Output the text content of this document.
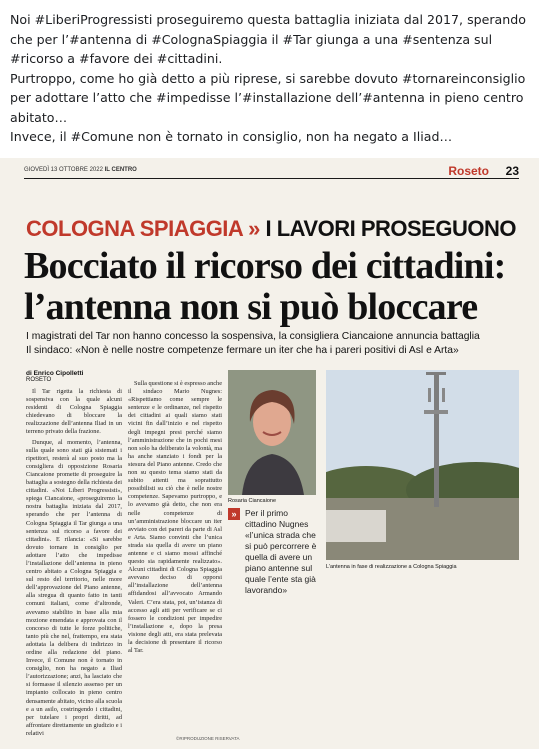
Noi #LiberiProgressisti proseguiremo questa battaglia iniziata dal 2017, sperando che per l’#antenna di #ColognaSpiaggia il #Tar giunga a una #sentenza sul #ricorso a #favore dei #cittadini.

Purtroppo, come ho già detto a più riprese, si sarebbe dovuto #tornareinconsiglio per adottare l’atto che #impedisse l’#installazione dell’#antenna in pieno centro abitato…

Invece, il #Comune non è tornato in consiglio, non ha negato a Iliad…

GIOVEDÌ 13 OTTOBRE 2022 IL CENTRO	Roseto 23
COLOGNA SPIAGGIA » I LAVORI PROSEGUONO
Bocciato il ricorso dei cittadini:
l’antenna non si può bloccare
I magistrati del Tar non hanno concesso la sospensiva, la consigliera Ciancaione annuncia battaglia
Il sindaco: «Non è nelle nostre competenze fermare un iter che ha i pareri positivi di Asl e Arta»
di Enrico Cipolletti
ROSETO

Il Tar rigetta la richiesta di sospensiva con la quale alcuni residenti di Cologna Spiaggia chiedevano di bloccare la realizzazione dell’antenna Iliad in un terreno privato della frazione.

Dunque, al momento, l’antenna, sulla quale sono stati già sistemati i ripetitori, resterà al suo posto ma la consigliera di opposizione Rosaria Ciancaione promette di proseguire la battaglia a sostegno della richiesta dei cittadini. «Noi Liberi Progressisti», spiega Ciancaione, «proseguiremo la nostra battaglia iniziata dal 2017, sperando che per l’antenna di Cologna Spiaggia il Tar giunga a una sentenza sul ricorso a favore dei cittadini». E rilancia: «Si sarebbe dovuto tornare in consiglio per adottare l’atto che impedisse l’installazione dell’antenna in pieno centro abitato a Cologna Spiaggia e sul resto del territorio, nelle more dell’approvazione del Piano antenne, alla stregua di quanto fatto in tanti comuni italiani, come d’altronde, avevamo stabilito in base alla mia mozione emendata e approvata con il concorso di tutte le forze politiche, tanto più che nel, frattempo, era stata adottata la delibera di indirizzo in ordine alla redazione del piano. Invece, il Comune non è tornato in consiglio, non ha negato a Iliad l’autorizzazione; anzi, ha lasciato che si formasse il silenzio assenso per un impianto collocato in pieno centro densamente abitato, vicino alla scuola e a un asilo, costringendo i cittadini, per tutelare i propri diritti, ad affrontare direttamente un giudizio e i relativi

Sulla questione si è espresso anche il sindaco Mario Nugnes: «Rispettiamo come sempre le sentenze e le ordinanze, nel rispetto dei cittadini ai quali siamo stati vicini fin dall’inizio e nel rispetto degli impegni presi perché siamo l’amministrazione che in pochi mesi non solo ha deliberato la volontà, ma ha anche stanziato i fondi per la stesura del Piano antenne. Credo che non su questo tema siamo stati da subito attenti ma soprattutto possibilisti su ciò che è nelle nostre competenze. Sapevamo purtroppo, e lo avevamo già detto, che non era nelle competenze di un’amministrazione bloccare un iter avviato con dei pareri da parte di Asl e Arta. Siamo convinti che l’unica strada sia quella di avere un piano antenne e ci siamo mossi affinché questo sia rapidamente realizzato». Alcuni cittadini di Cologna Spiaggia avevano deciso di opporsi all’installazione dell’antenna affidandosi all’avvocato Armando Valeri. C’era stata, poi, un’istanza di accesso agli atti per verificare se ci fossero le condizioni per impedire l’installazione e, dopo la presa visione degli atti, era stata prelevata la decisione di presentare il ricorso al Tar.

Rosaria Ciancaione
»	Per il primo cittadino Nugnes «l’unica strada che si può percorrere è quella di avere un piano antenne sul quale l’ente sta già lavorando»
L’antenna in fase di realizzazione a Cologna Spiaggia
©RIPRODUZIONE RISERVATA
